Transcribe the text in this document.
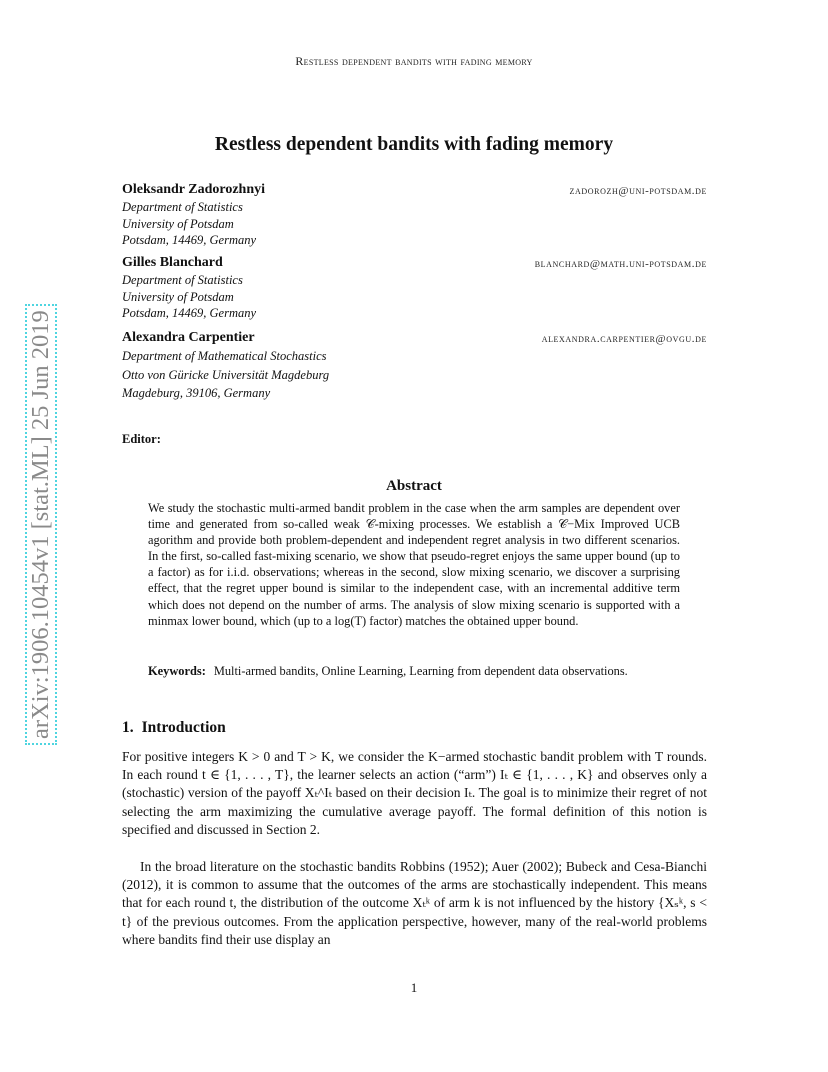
Restless dependent bandits with fading memory
Restless dependent bandits with fading memory
Oleksandr Zadorozhnyi	zadorozh@uni-potsdam.de
Department of Statistics
University of Potsdam
Potsdam, 14469, Germany
Gilles Blanchard	blanchard@math.uni-potsdam.de
Department of Statistics
University of Potsdam
Potsdam, 14469, Germany
Alexandra Carpentier	alexandra.carpentier@ovgu.de
Department of Mathematical Stochastics
Otto von Güricke Universität Magdeburg
Magdeburg, 39106, Germany
Editor:
Abstract
We study the stochastic multi-armed bandit problem in the case when the arm samples are dependent over time and generated from so-called weak 𝒞-mixing processes. We establish a 𝒞−Mix Improved UCB agorithm and provide both problem-dependent and independent regret analysis in two different scenarios. In the first, so-called fast-mixing scenario, we show that pseudo-regret enjoys the same upper bound (up to a factor) as for i.i.d. observations; whereas in the second, slow mixing scenario, we discover a surprising effect, that the regret upper bound is similar to the independent case, with an incremental additive term which does not depend on the number of arms. The analysis of slow mixing scenario is supported with a minmax lower bound, which (up to a log(T) factor) matches the obtained upper bound.
Keywords: Multi-armed bandits, Online Learning, Learning from dependent data observations.
1. Introduction
For positive integers K > 0 and T > K, we consider the K−armed stochastic bandit problem with T rounds. In each round t ∈ {1, . . . , T}, the learner selects an action (“arm”) Iₜ ∈ {1, . . . , K} and observes only a (stochastic) version of the payoff Xₜ^Iₜ based on their decision Iₜ. The goal is to minimize their regret of not selecting the arm maximizing the cumulative average payoff. The formal definition of this notion is specified and discussed in Section 2.
In the broad literature on the stochastic bandits Robbins (1952); Auer (2002); Bubeck and Cesa-Bianchi (2012), it is common to assume that the outcomes of the arms are stochastically independent. This means that for each round t, the distribution of the outcome Xₜᵏ of arm k is not influenced by the history {Xₛᵏ, s < t} of the previous outcomes. From the application perspective, however, many of the real-world problems where bandits find their use display an
1
arXiv:1906.10454v1 [stat.ML] 25 Jun 2019
